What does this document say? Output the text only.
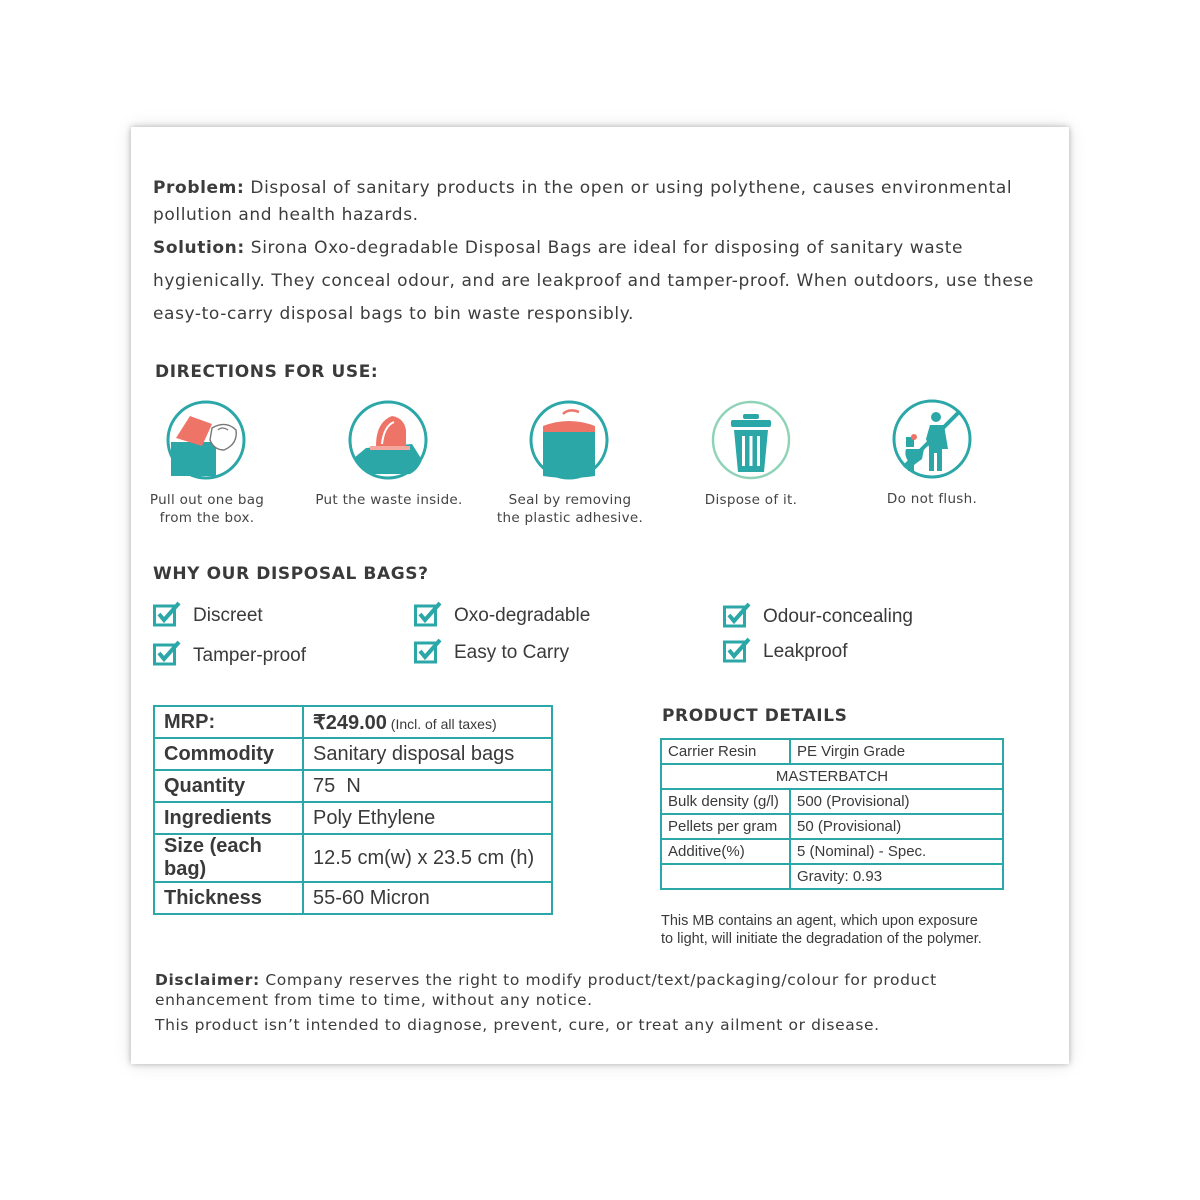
Problem: Disposal of sanitary products in the open or using polythene, causes environmental
pollution and health hazards.
Solution: Sirona Oxo-degradable Disposal Bags are ideal for disposing of sanitary waste
hygienically. They conceal odour, and are leakproof and tamper-proof. When outdoors, use these
easy-to-carry disposal bags to bin waste responsibly.
DIRECTIONS FOR USE:
Pull out one bag
from the box.
Put the waste inside.	Seal by removing
the plastic adhesive.
Dispose of it.	Do not flush.
WHY OUR DISPOSAL BAGS?
Discreet
Tamper-proof
Oxo-degradable
Easy to Carry
Odour-concealing
Leakproof
MRP:	₹249.00 (Incl. of all taxes)
Commodity	Sanitary disposal bags
Quantity	75  N
Ingredients	Poly Ethylene
Size (each bag)	12.5 cm(w) x 23.5 cm (h)
Thickness	55-60 Micron
PRODUCT DETAILS
Carrier Resin	PE Virgin Grade
MASTERBATCH	
Bulk density (g/l)	500 (Provisional)
Pellets per gram	50 (Provisional)
Additive(%)	5 (Nominal) - Spec.
	Gravity: 0.93
This MB contains an agent, which upon exposure
to light, will initiate the degradation of the polymer.
Disclaimer: Company reserves the right to modify product/text/packaging/colour for product
enhancement from time to time, without any notice.
This product isn’t intended to diagnose, prevent, cure, or treat any ailment or disease.
